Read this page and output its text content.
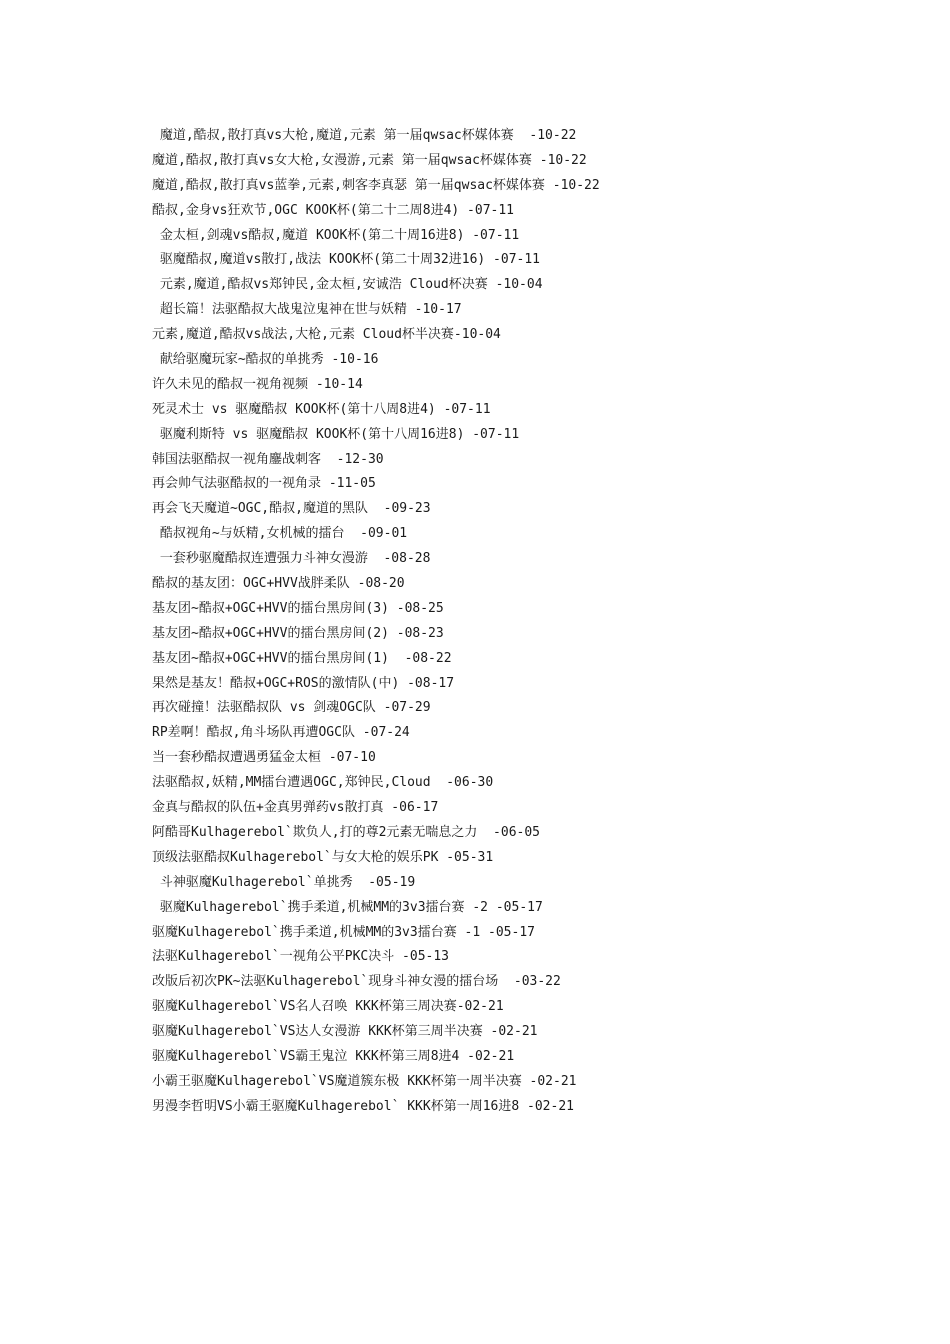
魔道,酷叔,散打真vs大枪,魔道,元素 第一届qwsac杯媒体赛  -10-22
魔道,酷叔,散打真vs女大枪,女漫游,元素 第一届qwsac杯媒体赛 -10-22
魔道,酷叔,散打真vs蓝拳,元素,刺客李真瑟 第一届qwsac杯媒体赛 -10-22
酷叔,金身vs狂欢节,OGC KOOK杯(第二十二周8进4) -07-11
金太桓,剑魂vs酷叔,魔道 KOOK杯(第二十周16进8) -07-11
驱魔酷叔,魔道vs散打,战法 KOOK杯(第二十周32进16) -07-11
元素,魔道,酷叔vs郑钟民,金太桓,安诚浩 Cloud杯决赛 -10-04
超长篇！法驱酷叔大战鬼泣鬼神在世与妖精 -10-17
元素,魔道,酷叔vs战法,大枪,元素 Cloud杯半决赛-10-04
献给驱魔玩家~酷叔的单挑秀 -10-16
许久未见的酷叔一视角视频 -10-14
死灵术士 vs 驱魔酷叔 KOOK杯(第十八周8进4) -07-11
驱魔利斯特 vs 驱魔酷叔 KOOK杯(第十八周16进8) -07-11
韩国法驱酷叔一视角鏖战刺客  -12-30
再会帅气法驱酷叔的一视角录 -11-05
再会飞天魔道~OGC,酷叔,魔道的黑队  -09-23
酷叔视角~与妖精,女机械的擂台  -09-01
一套秒驱魔酷叔连遭强力斗神女漫游  -08-28
酷叔的基友团：OGC+HVV战胖柔队 -08-20
基友团~酷叔+OGC+HVV的擂台黑房间(3) -08-25
基友团~酷叔+OGC+HVV的擂台黑房间(2) -08-23
基友团~酷叔+OGC+HVV的擂台黑房间(1)  -08-22
果然是基友！酷叔+OGC+ROS的激情队(中) -08-17
再次碰撞！法驱酷叔队 vs 剑魂OGC队 -07-29
RP差啊！酷叔,角斗场队再遭OGC队 -07-24
当一套秒酷叔遭遇勇猛金太桓 -07-10
法驱酷叔,妖精,MM擂台遭遇OGC,郑钟民,Cloud  -06-30
金真与酷叔的队伍+金真男弹药vs散打真 -06-17
阿酷哥Kulhagerebol`欺负人,打的尊2元素无喘息之力  -06-05
顶级法驱酷叔Kulhagerebol`与女大枪的娱乐PK -05-31
斗神驱魔Kulhagerebol`单挑秀  -05-19
驱魔Kulhagerebol`携手柔道,机械MM的3v3擂台赛 -2 -05-17
驱魔Kulhagerebol`携手柔道,机械MM的3v3擂台赛 -1 -05-17
法驱Kulhagerebol`一视角公平PKC决斗 -05-13
改版后初次PK~法驱Kulhagerebol`现身斗神女漫的擂台场  -03-22
驱魔Kulhagerebol`VS名人召唤 KKK杯第三周决赛-02-21
驱魔Kulhagerebol`VS达人女漫游 KKK杯第三周半决赛 -02-21
驱魔Kulhagerebol`VS霸王鬼泣 KKK杯第三周8进4 -02-21
小霸王驱魔Kulhagerebol`VS魔道簇东极 KKK杯第一周半决赛 -02-21
男漫李哲明VS小霸王驱魔Kulhagerebol` KKK杯第一周16进8 -02-21
